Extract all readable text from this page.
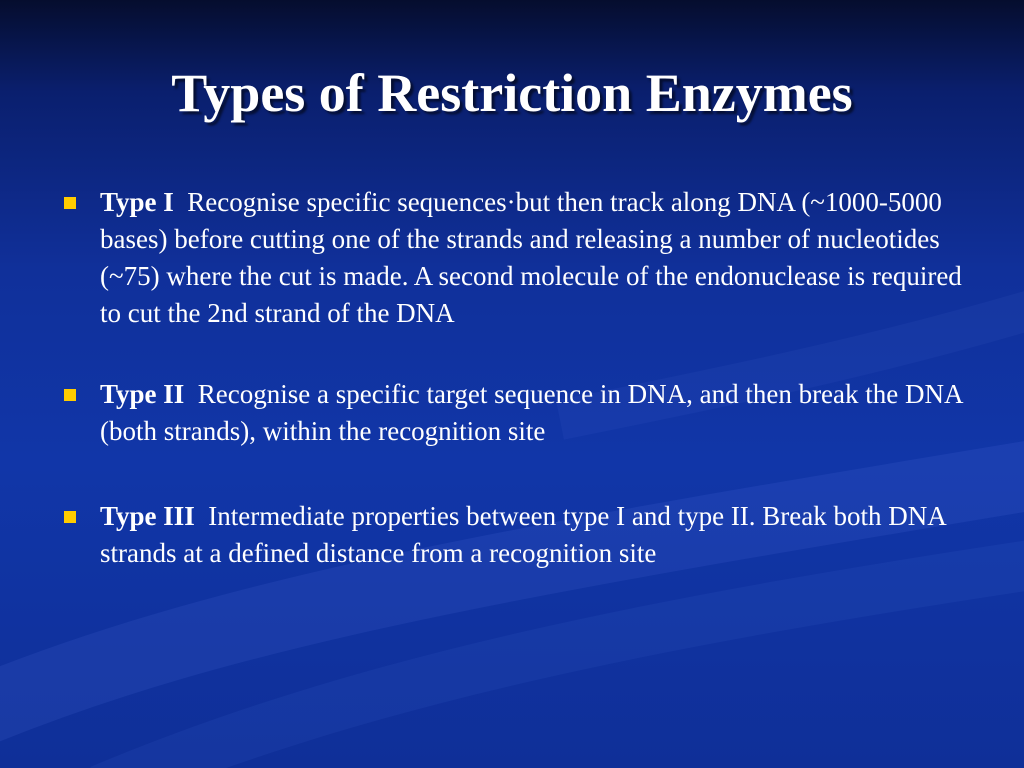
Types of Restriction Enzymes
Type I Recognise specific sequences·but then track along DNA (~1000-5000 bases) before cutting one of the strands and releasing a number of nucleotides (~75) where the cut is made. A second molecule of the endonuclease is required to cut the 2nd strand of the DNA
Type II Recognise a specific target sequence in DNA, and then break the DNA (both strands), within the recognition site
Type III Intermediate properties between type I and type II. Break both DNA strands at a defined distance from a recognition site
